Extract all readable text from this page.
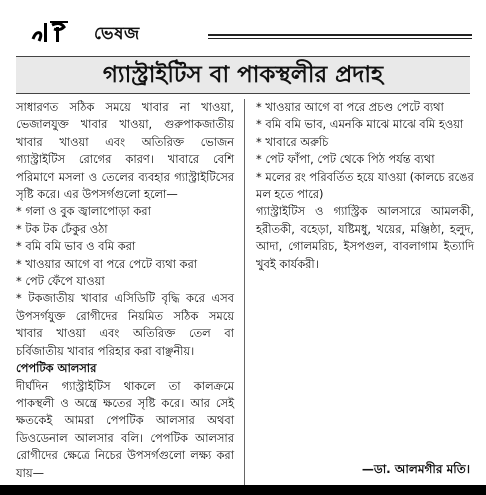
ভেষজ
গ্যাস্ট্রাইটিস বা পাকস্থলীর প্রদাহ

সাধারণত সঠিক সময়ে খাবার না খাওয়া, ভেজালযুক্ত খাবার খাওয়া, গুরুপাকজাতীয় খাবার খাওয়া এবং অতিরিক্ত ভোজন গ্যাস্ট্রাইটিস রোগের কারণ। খাবারে বেশি পরিমাণে মসলা ও তেলের ব্যবহার গ্যাস্ট্রাইটিসের সৃষ্টি করে। এর উপসর্গগুলো হলো—

* গলা ও বুক জ্বালাপোড়া করা

* টক টক ঢেঁকুর ওঠা

* বমি বমি ভাব ও বমি করা

* খাওয়ার আগে বা পরে পেটে ব্যথা করা

* পেট ফেঁপে যাওয়া

* টকজাতীয় খাবার এসিডিটি বৃদ্ধি করে এসব উপসর্গযুক্ত রোগীদের নিয়মিত সঠিক সময়ে খাবার খাওয়া এবং অতিরিক্ত তেল বা চর্বিজাতীয় খাবার পরিহার করা বাঞ্ছনীয়।

পেপটিক আলসার

দীর্ঘদিন গ্যাস্ট্রাইটিস থাকলে তা কালক্রমে পাকস্থলী ও অন্ত্রে ক্ষতের সৃষ্টি করে। আর সেই ক্ষতকেই আমরা পেপটিক আলসার অথবা ডিওডেনাল আলসার বলি। পেপটিক আলসার রোগীদের ক্ষেত্রে নিচের উপসর্গগুলো লক্ষ্য করা যায়—

* খাওয়ার আগে বা পরে প্রচণ্ড পেটে ব্যথা

* বমি বমি ভাব, এমনকি মাঝে মাঝে বমি হওয়া

* খাবারে অরুচি

* পেট ফাঁপা, পেট থেকে পিঠ পর্যন্ত ব্যথা

* মলের রং পরিবর্তিত হয়ে যাওয়া (কালচে রঙের মল হতে পারে)

গ্যাস্ট্রাইটিস ও গ্যাস্ট্রিক আলসারে আমলকী, হরীতকী, বহেড়া, যষ্টিমধু, খয়ের, মঞ্জিষ্ঠা, হলুদ, আদা, গোলমরিচ, ইসপগুল, বাবলাগাম ইত্যাদি খুবই কার্যকরী।

—ডা. আলমগীর মতি।
